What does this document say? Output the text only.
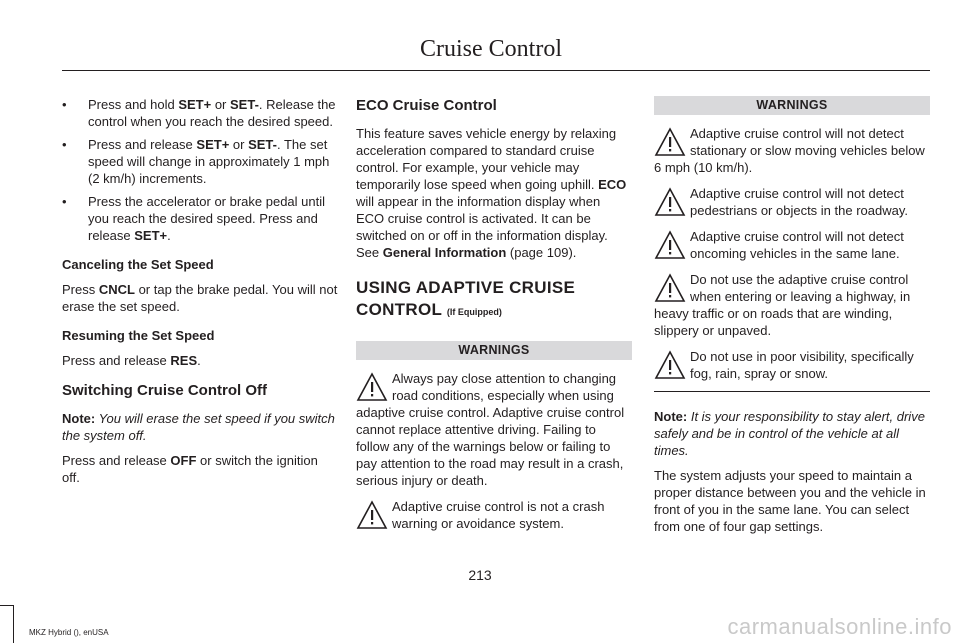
Cruise Control
• Press and hold SET+ or SET-. Release the control when you reach the desired speed.
• Press and release SET+ or SET-. The set speed will change in approximately 1 mph (2 km/h) increments.
• Press the accelerator or brake pedal until you reach the desired speed. Press and release SET+.

Canceling the Set Speed

Press CNCL or tap the brake pedal. You will not erase the set speed.

Resuming the Set Speed

Press and release RES.

Switching Cruise Control Off

Note: You will erase the set speed if you switch the system off.

Press and release OFF or switch the ignition off.

ECO Cruise Control

This feature saves vehicle energy by relaxing acceleration compared to standard cruise control. For example, your vehicle may temporarily lose speed when going uphill. ECO will appear in the information display when ECO cruise control is activated. It can be switched on or off in the information display. See General Information (page 109).

USING ADAPTIVE CRUISE
CONTROL (If Equipped)
WARNINGS
Always pay close attention to changing road conditions, especially when using adaptive cruise control. Adaptive cruise control cannot replace attentive driving. Failing to follow any of the warnings below or failing to pay attention to the road may result in a crash, serious injury or death.
Adaptive cruise control is not a crash warning or avoidance system.
WARNINGS
Adaptive cruise control will not detect stationary or slow moving vehicles below 6 mph (10 km/h).
Adaptive cruise control will not detect pedestrians or objects in the roadway.
Adaptive cruise control will not detect oncoming vehicles in the same lane.
Do not use the adaptive cruise control when entering or leaving a highway, in heavy traffic or on roads that are winding, slippery or unpaved.
Do not use in poor visibility, specifically fog, rain, spray or snow.

Note: It is your responsibility to stay alert, drive safely and be in control of the vehicle at all times.

The system adjusts your speed to maintain a proper distance between you and the vehicle in front of you in the same lane. You can select from one of four gap settings.

213
MKZ Hybrid (), enUSA	carmanualsonline.info
